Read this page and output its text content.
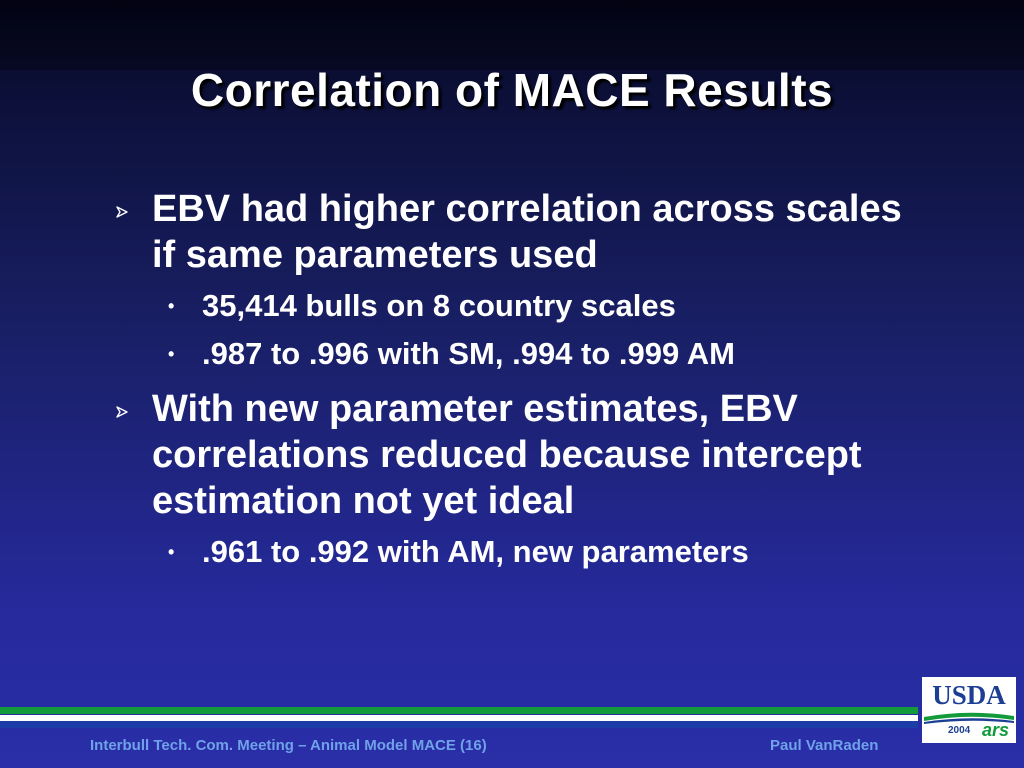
Correlation of MACE Results
EBV had higher correlation across scales if same parameters used
• 35,414 bulls on 8 country scales
• .987 to .996 with SM, .994 to .999 AM
With new parameter estimates, EBV correlations reduced because intercept estimation not yet ideal
• .961 to .992 with AM, new parameters
Interbull Tech. Com. Meeting – Animal Model MACE (16)	Paul VanRaden
USDA
2004 ars
